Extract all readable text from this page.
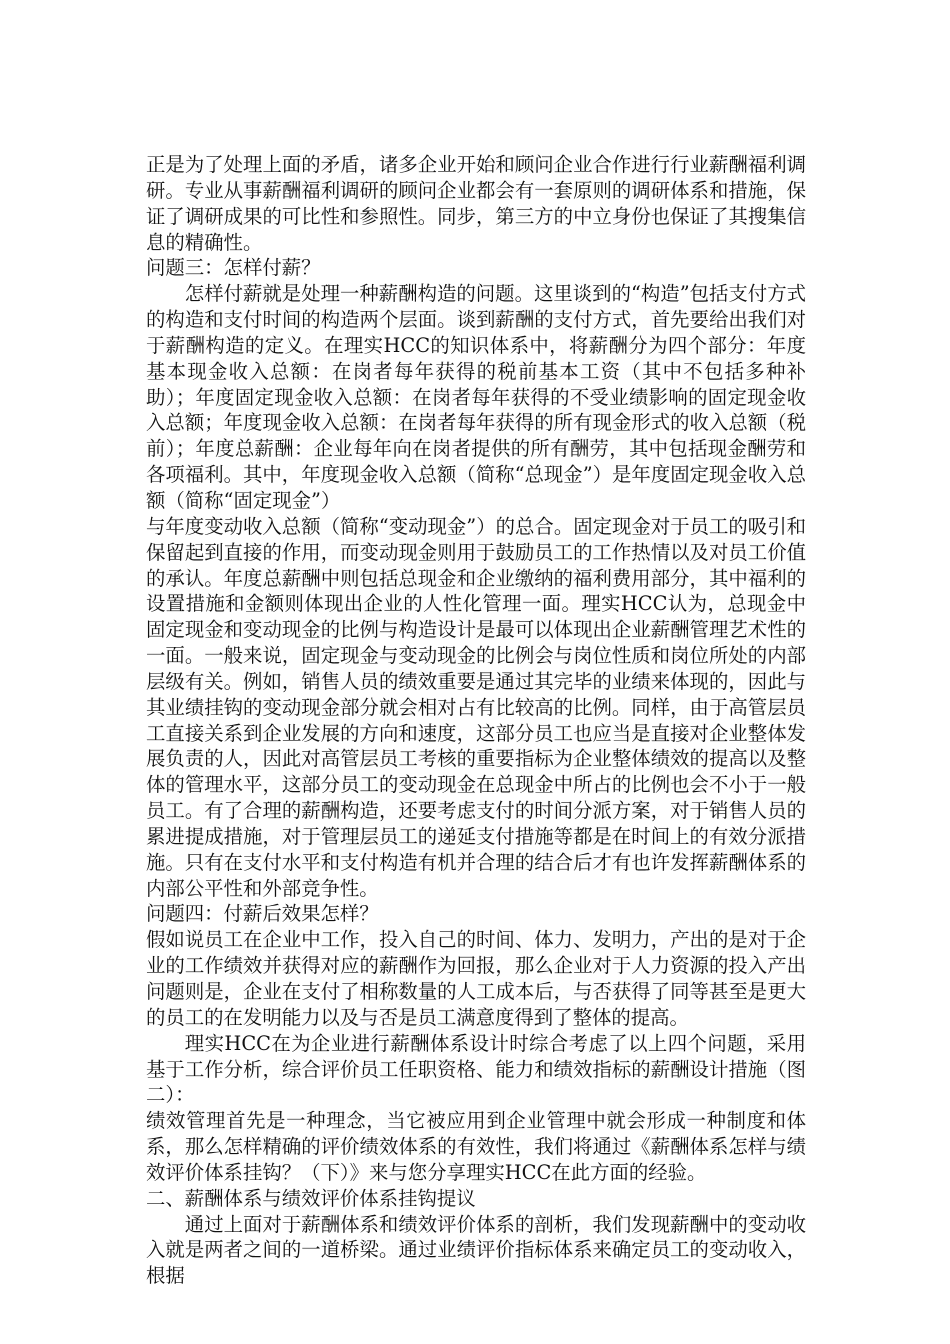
正是为了处理上面的矛盾，诸多企业开始和顾问企业合作进行行业薪酬福利调研。专业从事薪酬福利调研的顾问企业都会有一套原则的调研体系和措施，保证了调研成果的可比性和参照性。同步，第三方的中立身份也保证了其搜集信息的精确性。

问题三：怎样付薪？

怎样付薪就是处理一种薪酬构造的问题。这里谈到的“构造”包括支付方式的构造和支付时间的构造两个层面。谈到薪酬的支付方式，首先要给出我们对于薪酬构造的定义。在理实HCC的知识体系中，将薪酬分为四个部分：年度基本现金收入总额：在岗者每年获得的税前基本工资（其中不包括多种补助）；年度固定现金收入总额：在岗者每年获得的不受业绩影响的固定现金收入总额；年度现金收入总额：在岗者每年获得的所有现金形式的收入总额（税前）；年度总薪酬：企业每年向在岗者提供的所有酬劳，其中包括现金酬劳和各项福利。其中，年度现金收入总额（简称“总现金”）是年度固定现金收入总额（简称“固定现金”）

与年度变动收入总额（简称“变动现金”）的总合。固定现金对于员工的吸引和保留起到直接的作用，而变动现金则用于鼓励员工的工作热情以及对员工价值的承认。年度总薪酬中则包括总现金和企业缴纳的福利费用部分，其中福利的设置措施和金额则体现出企业的人性化管理一面。理实HCC认为，总现金中固定现金和变动现金的比例与构造设计是最可以体现出企业薪酬管理艺术性的一面。一般来说，固定现金与变动现金的比例会与岗位性质和岗位所处的内部层级有关。例如，销售人员的绩效重要是通过其完毕的业绩来体现的，因此与其业绩挂钩的变动现金部分就会相对占有比较高的比例。同样，由于高管层员工直接关系到企业发展的方向和速度，这部分员工也应当是直接对企业整体发展负责的人，因此对高管层员工考核的重要指标为企业整体绩效的提高以及整体的管理水平，这部分员工的变动现金在总现金中所占的比例也会不小于一般员工。有了合理的薪酬构造，还要考虑支付的时间分派方案，对于销售人员的累进提成措施，对于管理层员工的递延支付措施等都是在时间上的有效分派措施。只有在支付水平和支付构造有机并合理的结合后才有也许发挥薪酬体系的内部公平性和外部竞争性。

问题四：付薪后效果怎样？

假如说员工在企业中工作，投入自己的时间、体力、发明力，产出的是对于企业的工作绩效并获得对应的薪酬作为回报，那么企业对于人力资源的投入产出问题则是，企业在支付了相称数量的人工成本后，与否获得了同等甚至是更大的员工的在发明能力以及与否是员工满意度得到了整体的提高。

理实HCC在为企业进行薪酬体系设计时综合考虑了以上四个问题，采用基于工作分析，综合评价员工任职资格、能力和绩效指标的薪酬设计措施（图二）：

绩效管理首先是一种理念，当它被应用到企业管理中就会形成一种制度和体系，那么怎样精确的评价绩效体系的有效性，我们将通过《薪酬体系怎样与绩效评价体系挂钩？（下）》来与您分享理实HCC在此方面的经验。

二、薪酬体系与绩效评价体系挂钩提议

通过上面对于薪酬体系和绩效评价体系的剖析，我们发现薪酬中的变动收入就是两者之间的一道桥梁。通过业绩评价指标体系来确定员工的变动收入，根据
